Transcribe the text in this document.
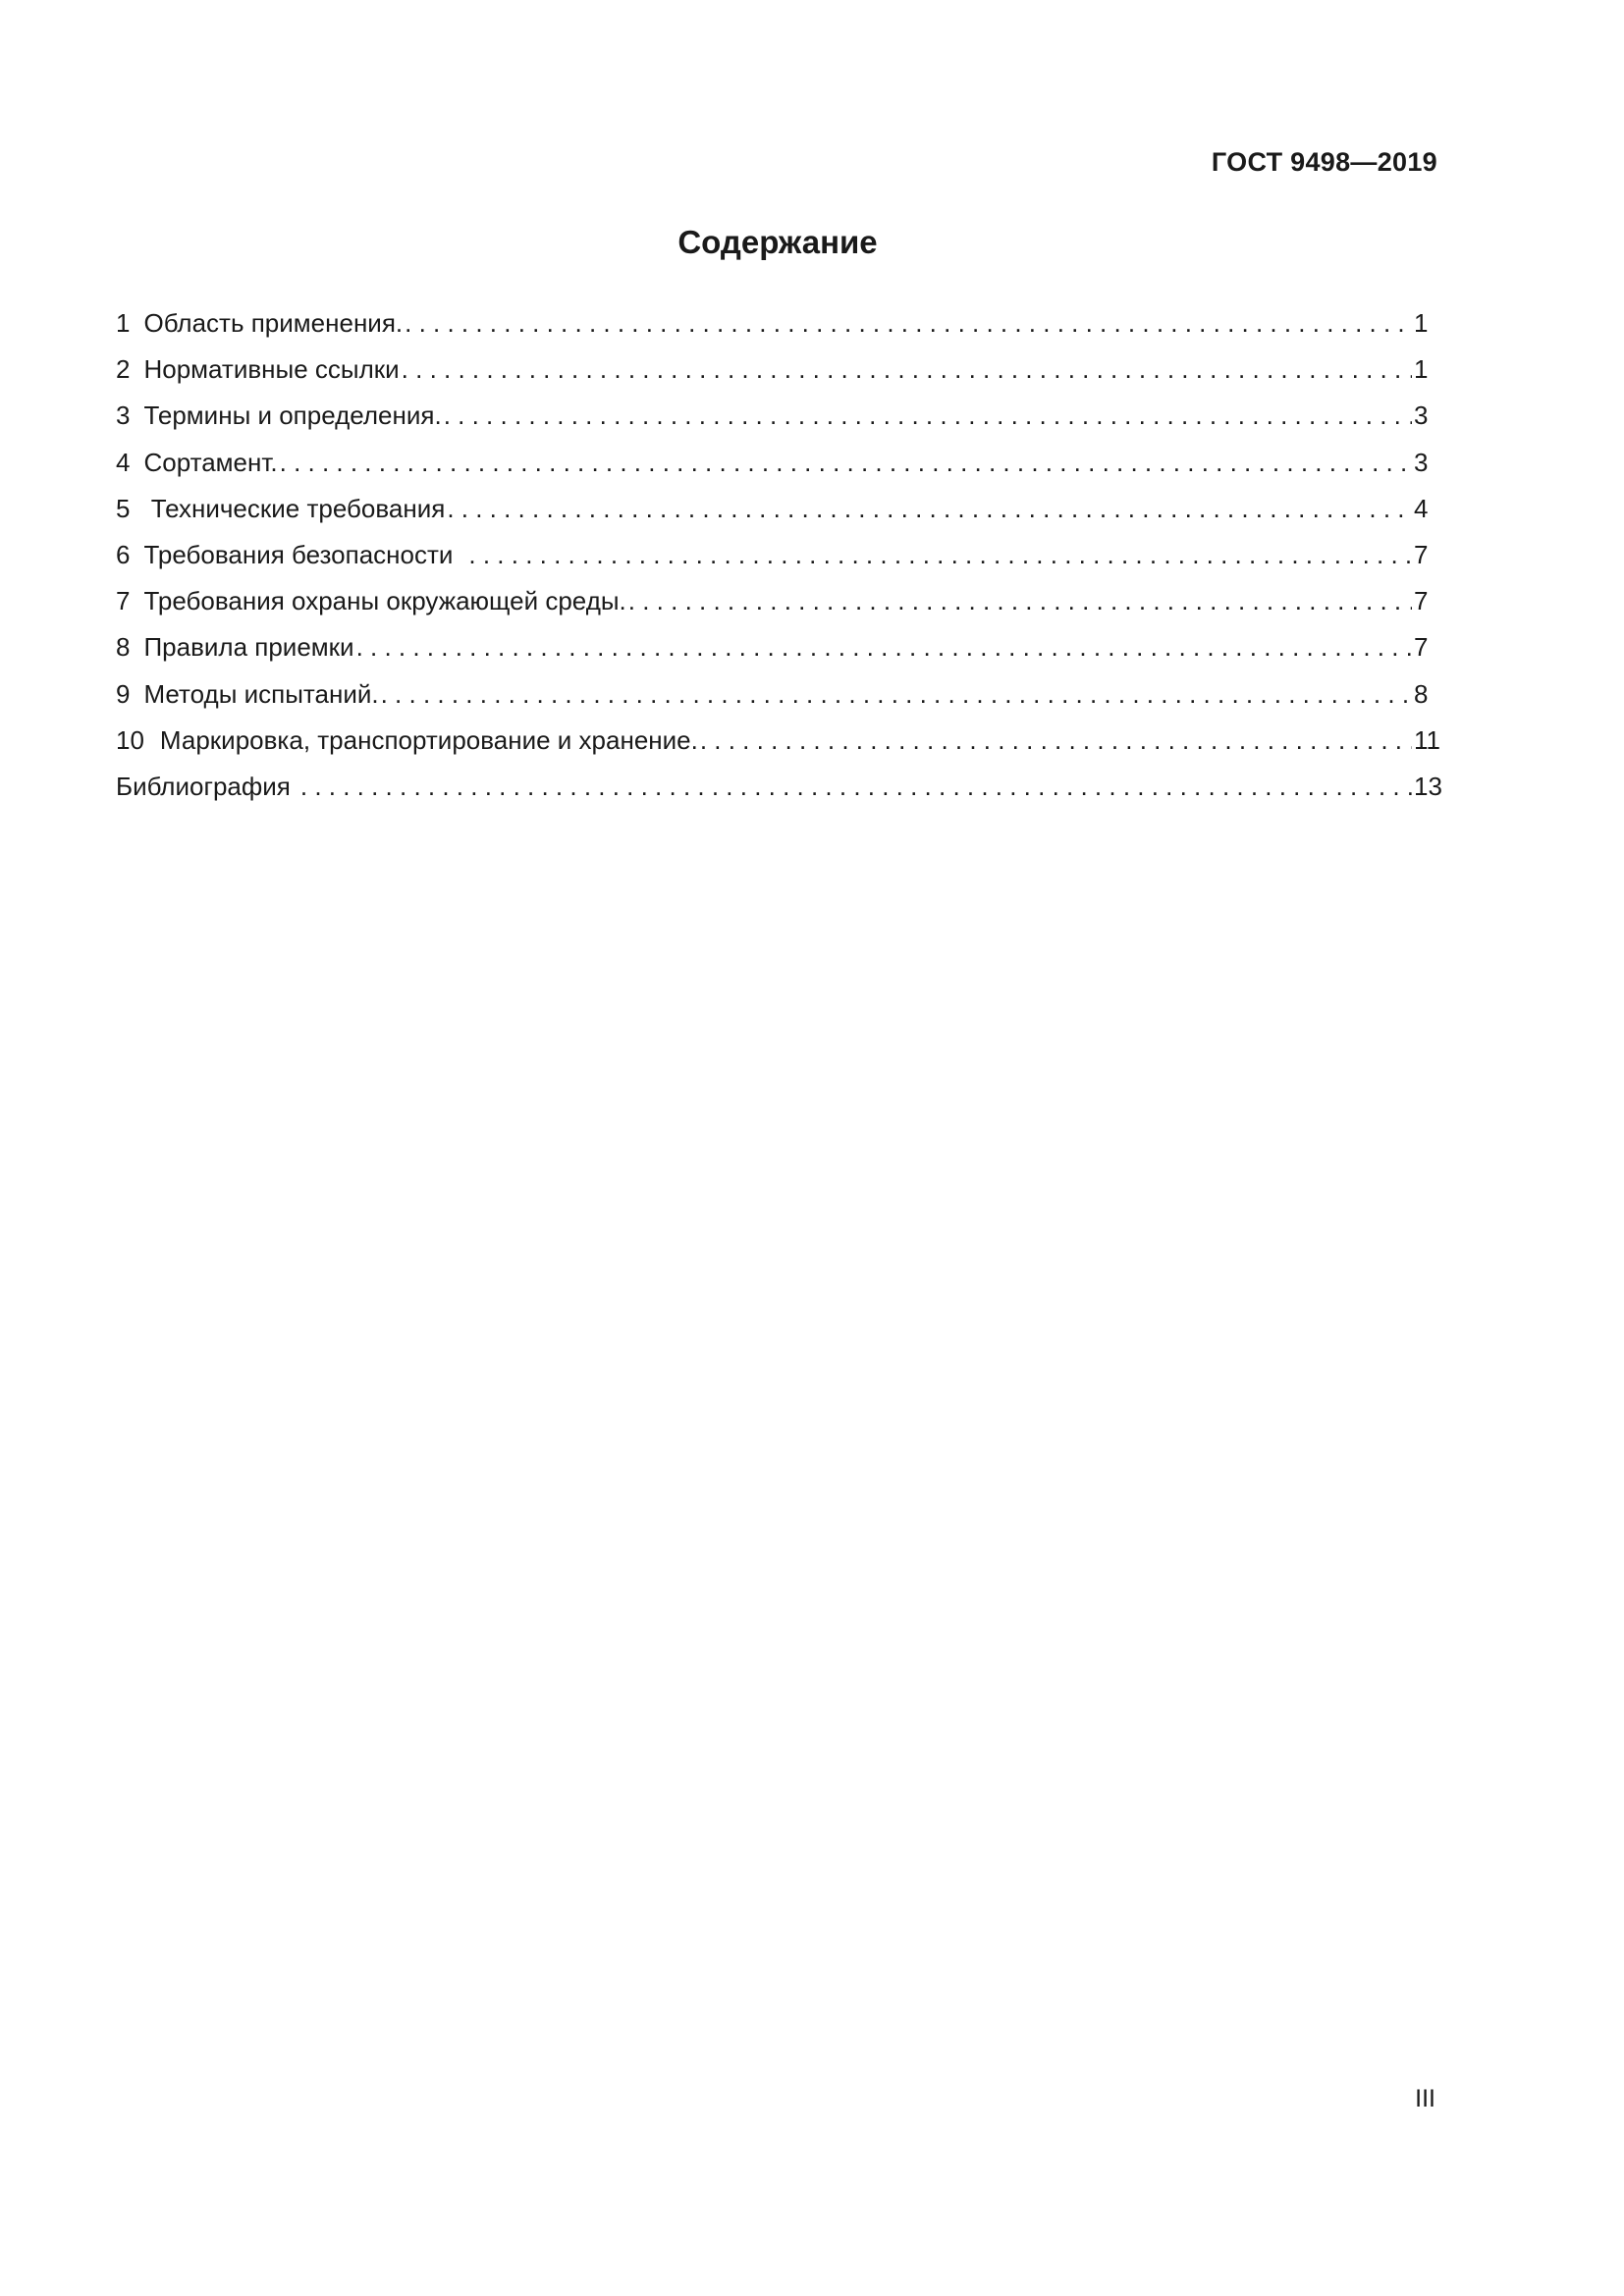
ГОСТ 9498—2019
Содержание
1 Область применения. . . .	1
2 Нормативные ссылки . . .	1
3 Термины и определения. . . .	3
4 Сортамент. . . .	3
5 Технические требования . . .	4
6 Требования безопасности . . .	7
7 Требования охраны окружающей среды. . . .	7
8 Правила приемки . . .	7
9 Методы испытаний. . . .	8
10 Маркировка, транспортирование и хранение. . . .	11
Библиография . . .	13
III
